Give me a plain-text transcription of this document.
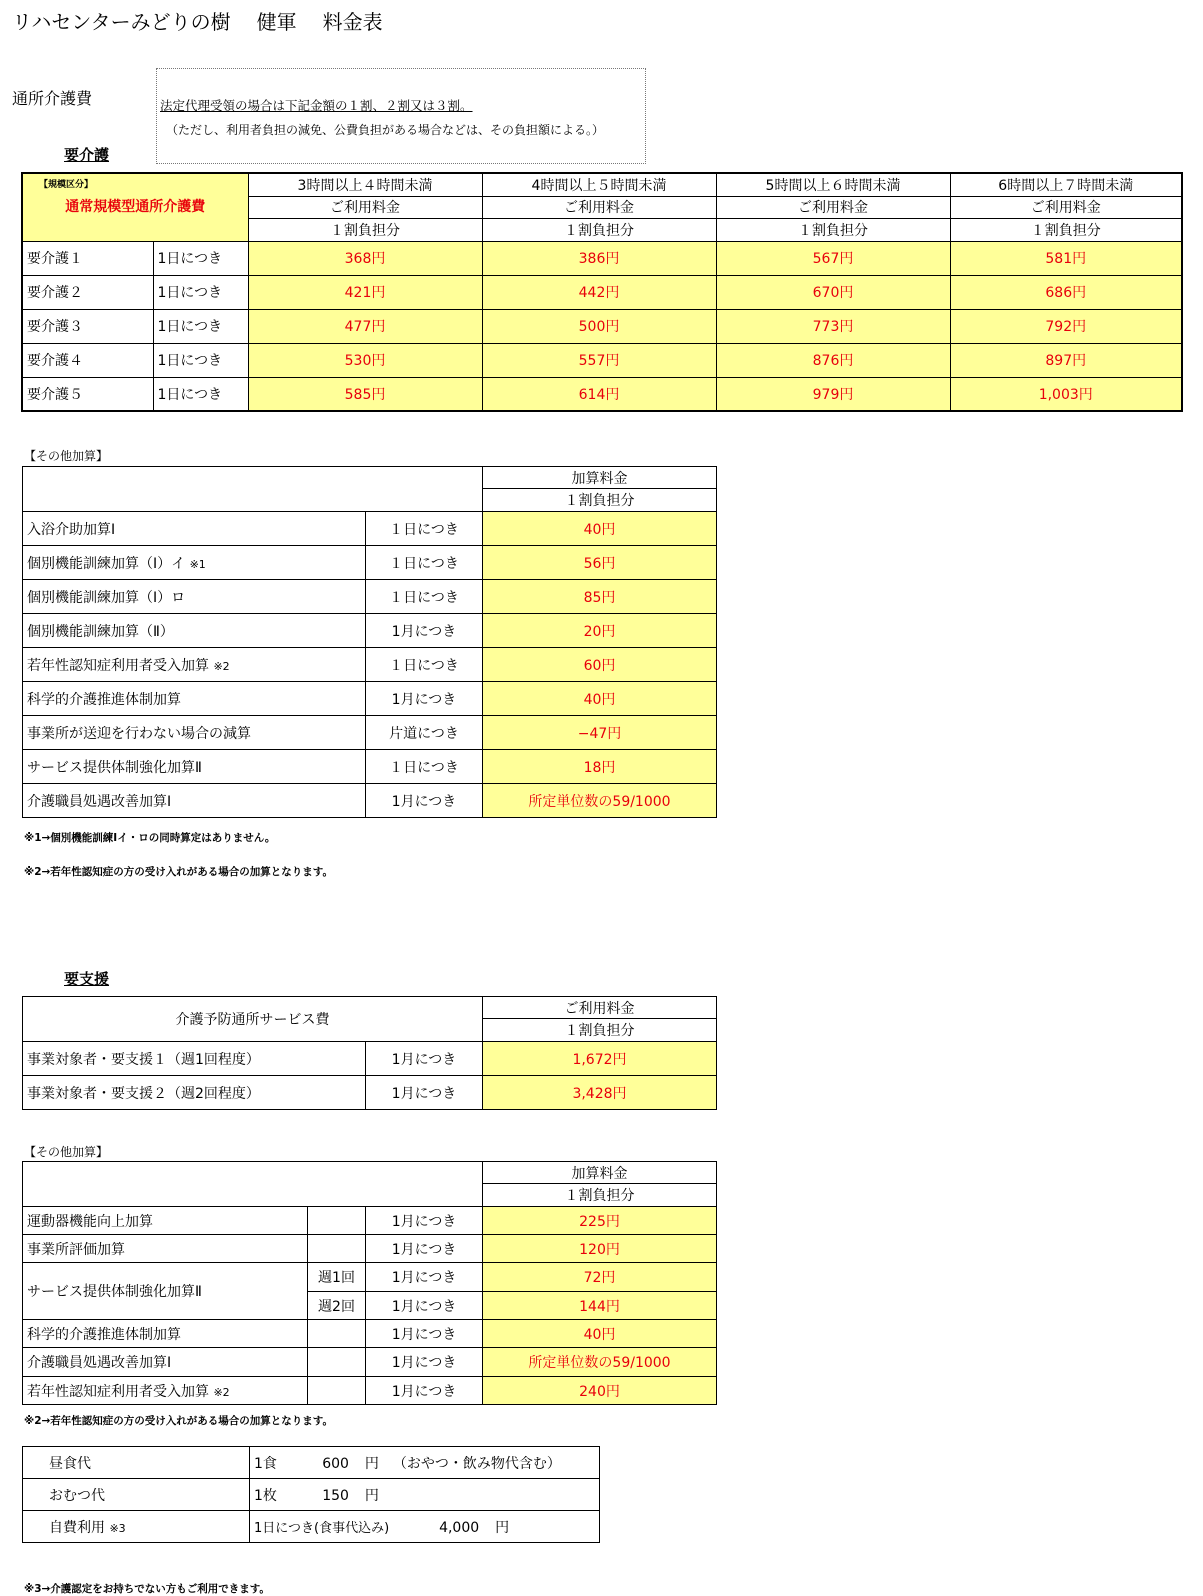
リハセンターみどりの樹 健軍 料金表
通所介護費	法定代理受領の場合は下記金額の１割、２割又は３割。
（ただし、利用者負担の減免、公費負担がある場合などは、その負担額による。）
要介護
【規模区分】
通常規模型通所介護費		3時間以上４時間未満	4時間以上５時間未満	5時間以上６時間未満	6時間以上７時間未満
		ご利用料金	ご利用料金	ご利用料金	ご利用料金
		１割負担分	１割負担分	１割負担分	１割負担分
要介護１	1日につき	368円	386円	567円	581円
要介護２	1日につき	421円	442円	670円	686円
要介護３	1日につき	477円	500円	773円	792円
要介護４	1日につき	530円	557円	876円	897円
要介護５	1日につき	585円	614円	979円	1,003円
【その他加算】
		加算料金
		１割負担分
入浴介助加算Ⅰ	１日につき	40円
個別機能訓練加算（Ⅰ）イ ※1	１日につき	56円
個別機能訓練加算（Ⅰ）ロ	１日につき	85円
個別機能訓練加算（Ⅱ）	1月につき	20円
若年性認知症利用者受入加算 ※2	１日につき	60円
科学的介護推進体制加算	1月につき	40円
事業所が送迎を行わない場合の減算	片道につき	−47円
サービス提供体制強化加算Ⅱ	１日につき	18円
介護職員処遇改善加算Ⅰ	1月につき	所定単位数の59/1000
※1→個別機能訓練Ⅰイ・ロの同時算定はありません。
※2→若年性認知症の方の受け入れがある場合の加算となります。
要支援
介護予防通所サービス費		ご利用料金
		１割負担分
事業対象者・要支援１（週1回程度）	1月につき	1,672円
事業対象者・要支援２（週2回程度）	1月につき	3,428円
【その他加算】
			加算料金
			１割負担分
運動器機能向上加算		1月につき	225円
事業所評価加算		1月につき	120円
サービス提供体制強化加算Ⅱ	週1回	1月につき	72円
	週2回	1月につき	144円
科学的介護推進体制加算		1月につき	40円
介護職員処遇改善加算Ⅰ		1月につき	所定単位数の59/1000
若年性認知症利用者受入加算 ※2		1月につき	240円
※2→若年性認知症の方の受け入れがある場合の加算となります。
昼食代	1食 600 円 （おやつ・飲み物代含む）
おむつ代	1枚 150 円
自費利用 ※3	1日につき(食事代込み) 4,000 円
※3→介護認定をお持ちでない方もご利用できます。
